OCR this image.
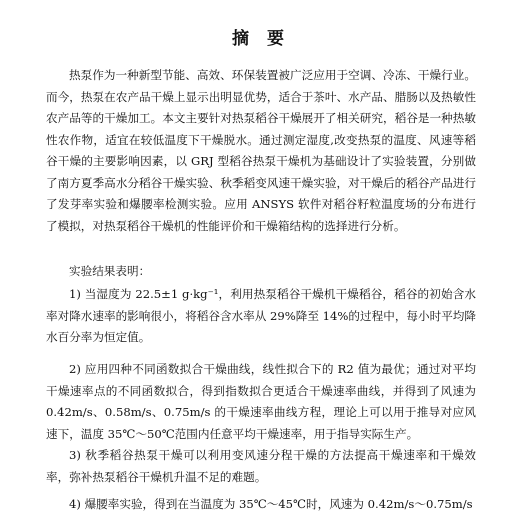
摘 要

热泵作为一种新型节能、高效、环保装置被广泛应用于空调、冷冻、干燥行业。而今，热泵在农产品干燥上显示出明显优势，适合于茶叶、水产品、腊肠以及热敏性农产品等的干燥加工。本文主要针对热泵稻谷干燥展开了相关研究，稻谷是一种热敏性农作物，适宜在较低温度下干燥脱水。通过测定湿度,改变热泵的温度、风速等稻谷干燥的主要影响因素，以 GRJ 型稻谷热泵干燥机为基础设计了实验装置，分别做了南方夏季高水分稻谷干燥实验、秋季稻变风速干燥实验，对干燥后的稻谷产品进行了发芽率实验和爆腰率检测实验。应用 ANSYS 软件对稻谷籽粒温度场的分布进行了模拟，对热泵稻谷干燥机的性能评价和干燥箱结构的选择进行分析。

实验结果表明：

1) 当湿度为 22.5±1 g·kg⁻¹，利用热泵稻谷干燥机干燥稻谷，稻谷的初始含水率对降水速率的影响很小，将稻谷含水率从 29%降至 14%的过程中，每小时平均降水百分率为恒定值。

2) 应用四种不同函数拟合干燥曲线，线性拟合下的 R2 值为最优；通过对平均干燥速率点的不同函数拟合，得到指数拟合更适合干燥速率曲线，并得到了风速为 0.42m/s、0.58m/s、0.75m/s 的干燥速率曲线方程，理论上可以用于推导对应风速下，温度 35℃～50℃范围内任意平均干燥速率，用于指导实际生产。

3) 秋季稻谷热泵干燥可以利用变风速分程干燥的方法提高干燥速率和干燥效率，弥补热泵稻谷干燥机升温不足的难题。

4) 爆腰率实验，得到在当温度为 35℃～45℃时，风速为 0.42m/s～0.75m/s
